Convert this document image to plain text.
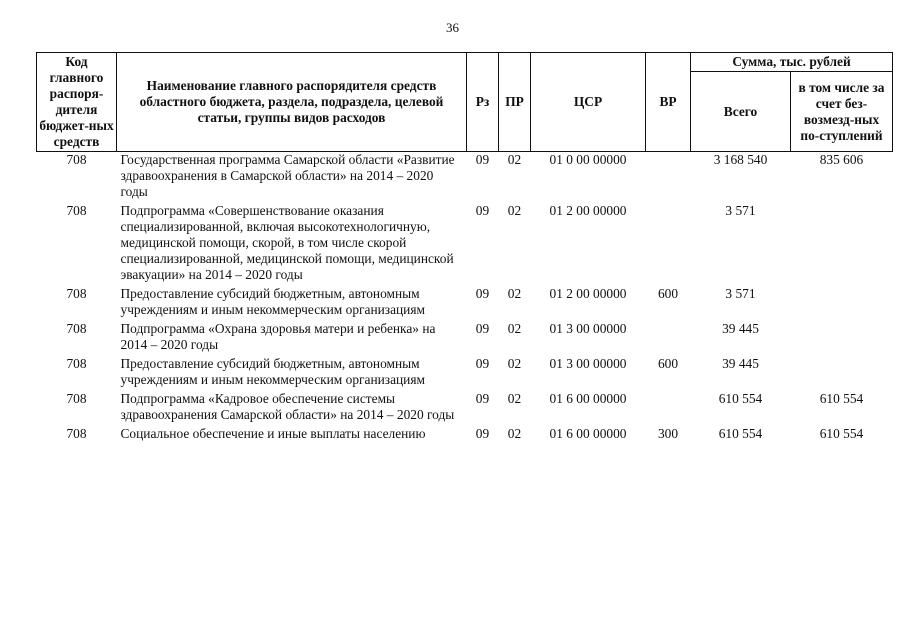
36
Код главного распоря-дителя бюджет-ных средств	Наименование главного распорядителя средств областного бюджета, раздела, подраздела, целевой статьи, группы видов расходов	Рз	ПР	ЦСР	ВР	Сумма, тыс. рублей	
						Всего	в том числе за счет без-возмезд-ных по-ступлений
708	Государственная программа Самарской области «Развитие здравоохранения в Самарской области» на 2014 – 2020 годы	09	02	01 0 00 00000		3 168 540	835 606
708	Подпрограмма «Совершенствование оказания специализированной, включая высокотехнологичную, медицинской помощи, скорой, в том числе скорой специализированной, медицинской помощи, медицинской эвакуации» на 2014 – 2020 годы	09	02	01 2 00 00000		3 571	
708	Предоставление субсидий бюджетным, автономным учреждениям и иным некоммерческим организациям	09	02	01 2 00 00000	600	3 571	
708	Подпрограмма «Охрана здоровья матери и ребенка» на 2014 – 2020 годы	09	02	01 3 00 00000		39 445	
708	Предоставление субсидий бюджетным, автономным учреждениям и иным некоммерческим организациям	09	02	01 3 00 00000	600	39 445	
708	Подпрограмма «Кадровое обеспечение системы здравоохранения Самарской области» на 2014 – 2020 годы	09	02	01 6 00 00000		610 554	610 554
708	Социальное обеспечение и иные выплаты населению	09	02	01 6 00 00000	300	610 554	610 554
